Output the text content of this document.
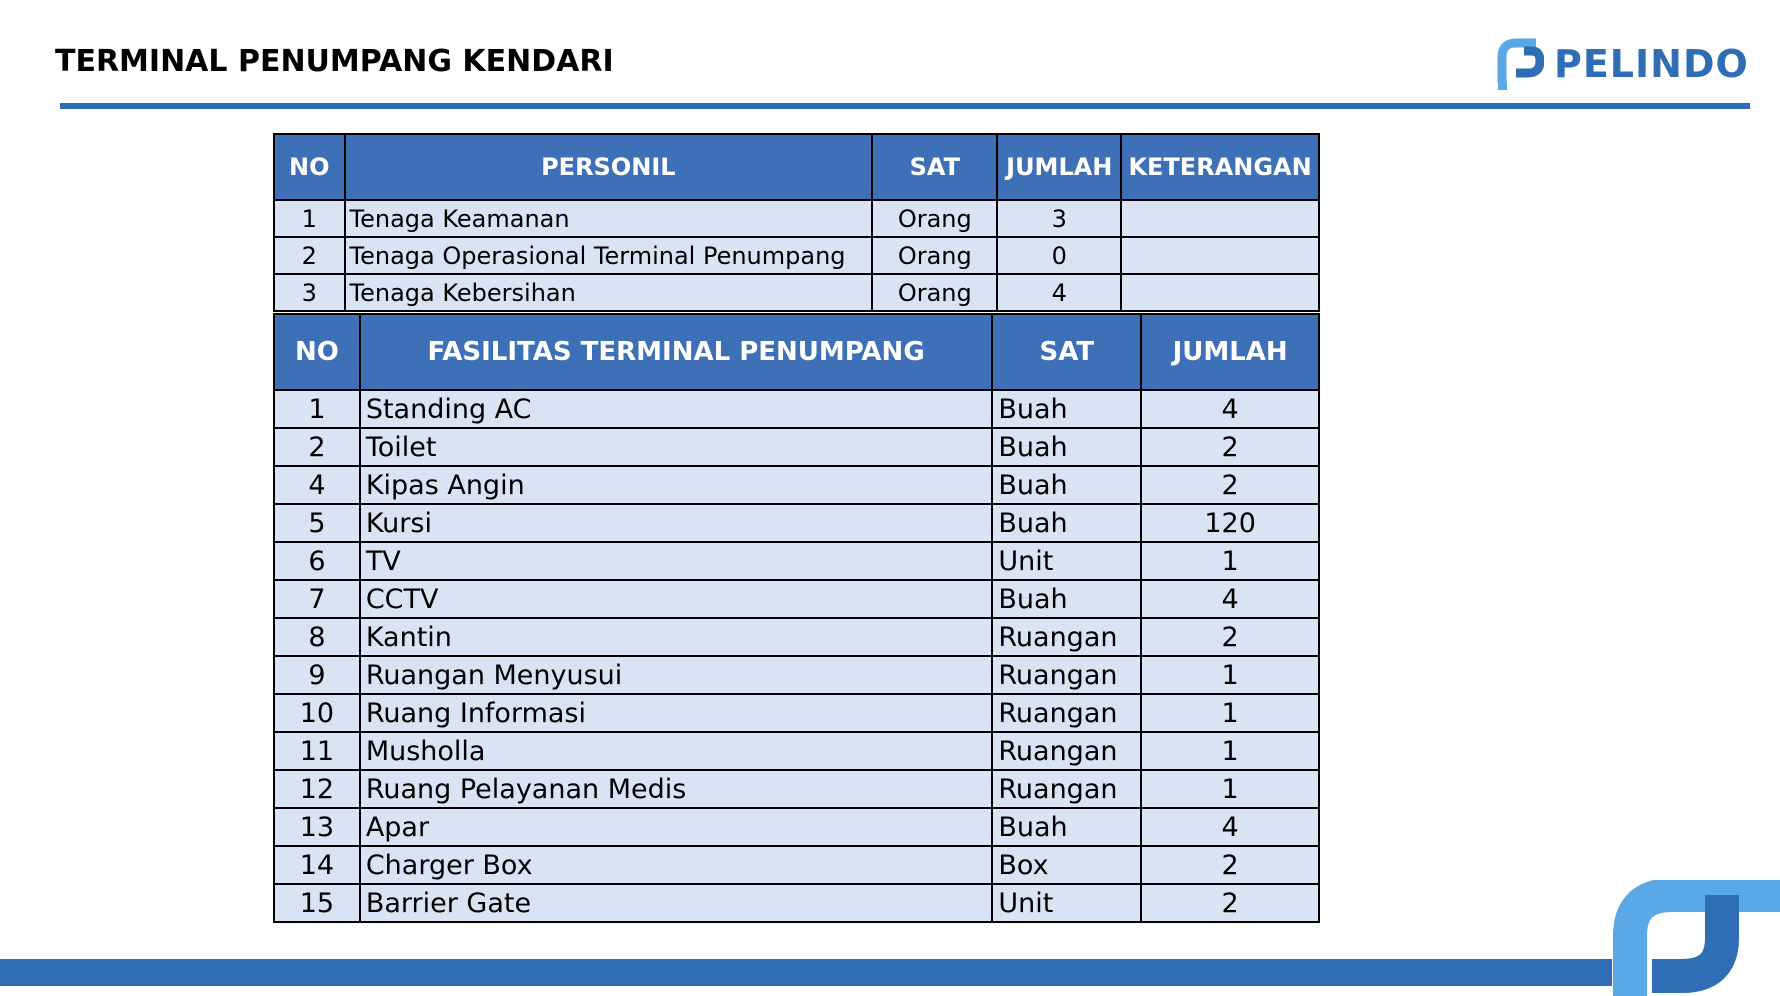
TERMINAL PENUMPANG KENDARI	PELINDO
NO	PERSONIL	SAT	JUMLAH	KETERANGAN
1	Tenaga Keamanan	Orang	3	
2	Tenaga Operasional Terminal Penumpang	Orang	0	
3	Tenaga Kebersihan	Orang	4	
NO	FASILITAS TERMINAL PENUMPANG	SAT	JUMLAH
1	Standing AC	Buah	4
2	Toilet	Buah	2
4	Kipas Angin	Buah	2
5	Kursi	Buah	120
6	TV	Unit	1
7	CCTV	Buah	4
8	Kantin	Ruangan	2
9	Ruangan Menyusui	Ruangan	1
10	Ruang Informasi	Ruangan	1
11	Musholla	Ruangan	1
12	Ruang Pelayanan Medis	Ruangan	1
13	Apar	Buah	4
14	Charger Box	Box	2
15	Barrier Gate	Unit	2
